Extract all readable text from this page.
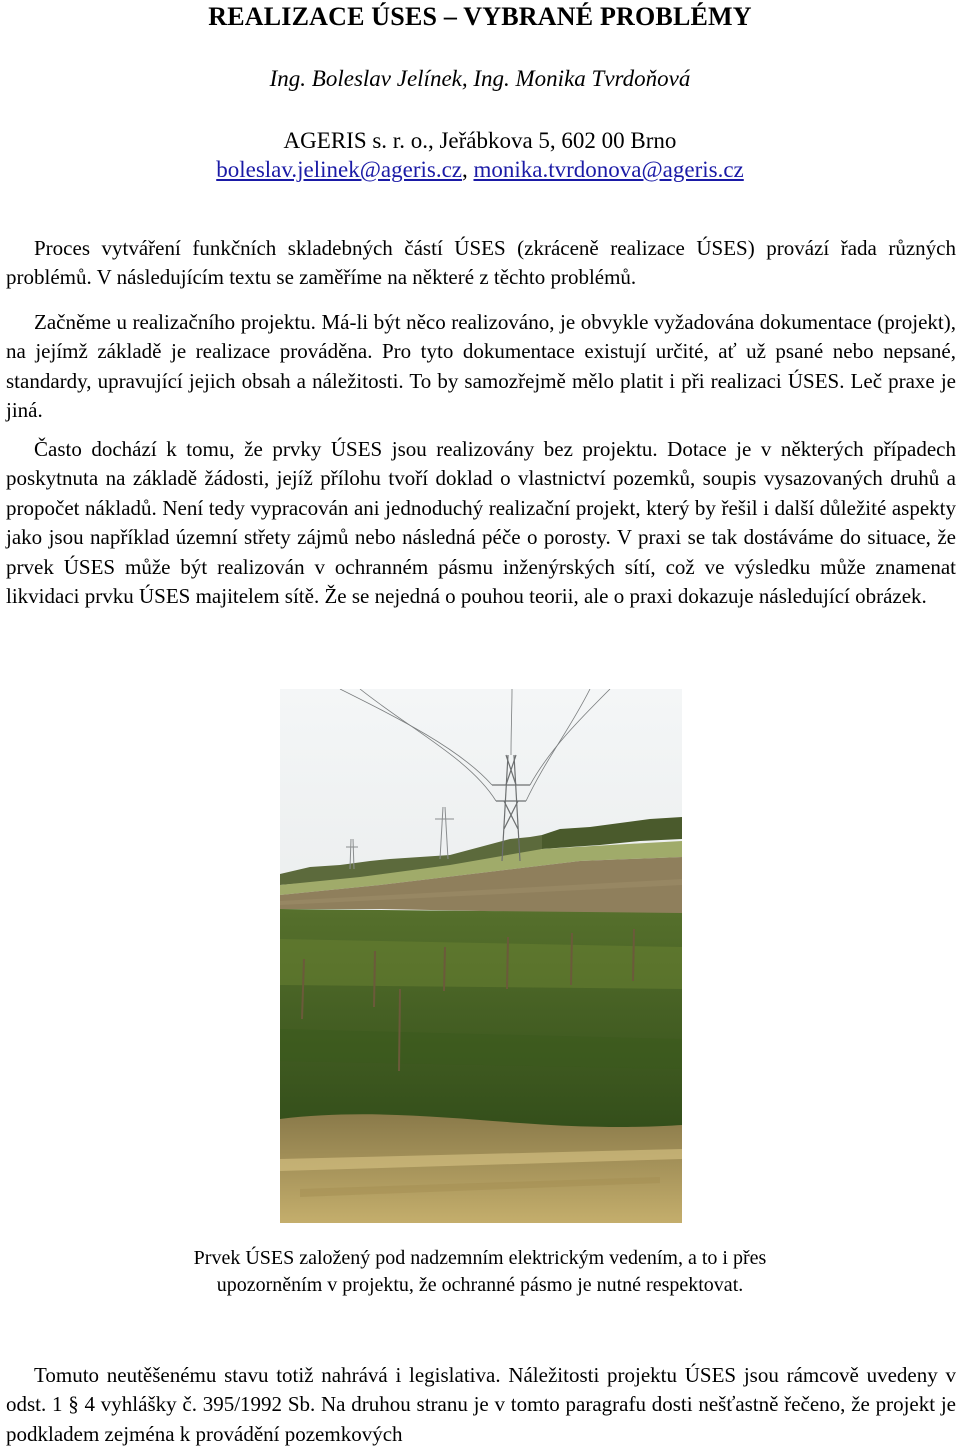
REALIZACE ÚSES – VYBRANÉ PROBLÉMY
Ing. Boleslav Jelínek, Ing. Monika Tvrdoňová
AGERIS s. r. o., Jeřábkova 5, 602 00 Brno
boleslav.jelinek@ageris.cz, monika.tvrdonova@ageris.cz

Proces vytváření funkčních skladebných částí ÚSES (zkráceně realizace ÚSES) provází řada různých problémů. V následujícím textu se zaměříme na některé z těchto problémů.

Začněme u realizačního projektu. Má-li být něco realizováno, je obvykle vyžadována dokumentace (projekt), na jejímž základě je realizace prováděna. Pro tyto dokumentace existují určité, ať už psané nebo nepsané, standardy, upravující jejich obsah a náležitosti. To by samozřejmě mělo platit i při realizaci ÚSES. Leč praxe je jiná.

Často dochází k tomu, že prvky ÚSES jsou realizovány bez projektu. Dotace je v některých případech poskytnuta na základě žádosti, jejíž přílohu tvoří doklad o vlastnictví pozemků, soupis vysazovaných druhů a propočet nákladů. Není tedy vypracován ani jednoduchý realizační projekt, který by řešil i další důležité aspekty jako jsou například územní střety zájmů nebo následná péče o porosty. V praxi se tak dostáváme do situace, že prvek ÚSES může být realizován v ochranném pásmu inženýrských sítí, což ve výsledku může znamenat likvidaci prvku ÚSES majitelem sítě. Že se nejedná o pouhou teorii, ale o praxi dokazuje následující obrázek.

Prvek ÚSES založený pod nadzemním elektrickým vedením, a to i přes
upozorněním v projektu, že ochranné pásmo je nutné respektovat.

Tomuto neutěšenému stavu totiž nahrává i legislativa. Náležitosti projektu ÚSES jsou rámcově uvedeny v odst. 1 § 4 vyhlášky č. 395/1992 Sb. Na druhou stranu je v tomto paragrafu dosti nešťastně řečeno, že projekt je podkladem zejména k provádění pozemkových
